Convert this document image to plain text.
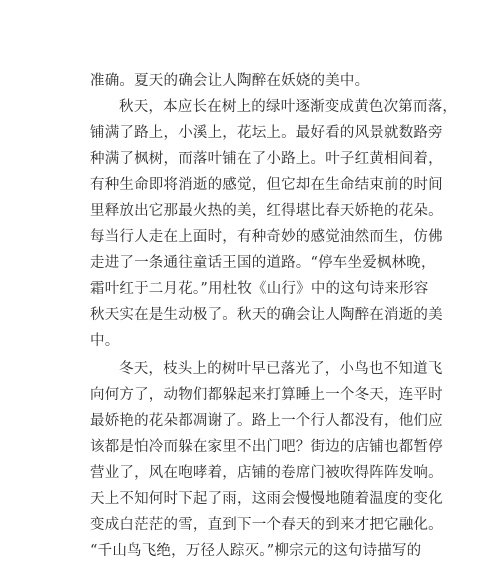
准确。夏天的确会让人陶醉在妖娆的美中。

秋天，本应长在树上的绿叶逐渐变成黄色次第而落，

铺满了路上，小溪上，花坛上。最好看的风景就数路旁

种满了枫树，而落叶铺在了小路上。叶子红黄相间着，

有种生命即将消逝的感觉，但它却在生命结束前的时间

里释放出它那最火热的美，红得堪比春天娇艳的花朵。

每当行人走在上面时，有种奇妙的感觉油然而生，仿佛

走进了一条通往童话王国的道路。“停车坐爱枫林晚，

霜叶红于二月花。”用杜牧《山行》中的这句诗来形容

秋天实在是生动极了。秋天的确会让人陶醉在消逝的美

中。

冬天，枝头上的树叶早已落光了，小鸟也不知道飞

向何方了，动物们都躲起来打算睡上一个冬天，连平时

最娇艳的花朵都凋谢了。路上一个行人都没有，他们应

该都是怕冷而躲在家里不出门吧？街边的店铺也都暂停

营业了，风在咆哮着，店铺的卷席门被吹得阵阵发响。

天上不知何时下起了雨，这雨会慢慢地随着温度的变化

变成白茫茫的雪，直到下一个春天的到来才把它融化。

“千山鸟飞绝，万径人踪灭。”柳宗元的这句诗描写的
